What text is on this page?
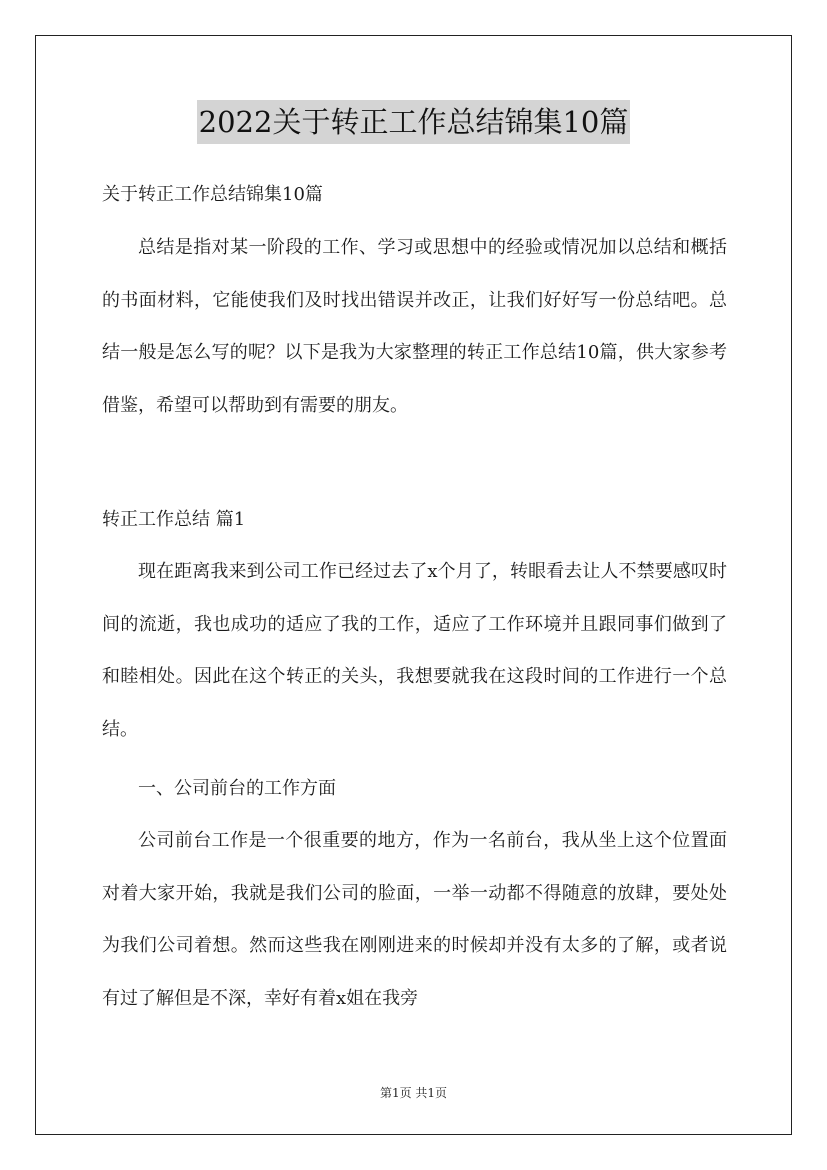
2022关于转正工作总结锦集10篇
关于转正工作总结锦集10篇

总结是指对某一阶段的工作、学习或思想中的经验或情况加以总结和概括的书面材料，它能使我们及时找出错误并改正，让我们好好写一份总结吧。总结一般是怎么写的呢？以下是我为大家整理的转正工作总结10篇，供大家参考借鉴，希望可以帮助到有需要的朋友。

转正工作总结 篇1

现在距离我来到公司工作已经过去了x个月了，转眼看去让人不禁要感叹时间的流逝，我也成功的适应了我的工作，适应了工作环境并且跟同事们做到了和睦相处。因此在这个转正的关头，我想要就我在这段时间的工作进行一个总结。

一、公司前台的工作方面

公司前台工作是一个很重要的地方，作为一名前台，我从坐上这个位置面对着大家开始，我就是我们公司的脸面，一举一动都不得随意的放肆，要处处为我们公司着想。然而这些我在刚刚进来的时候却并没有太多的了解，或者说有过了解但是不深，幸好有着x姐在我旁

第1页 共1页
